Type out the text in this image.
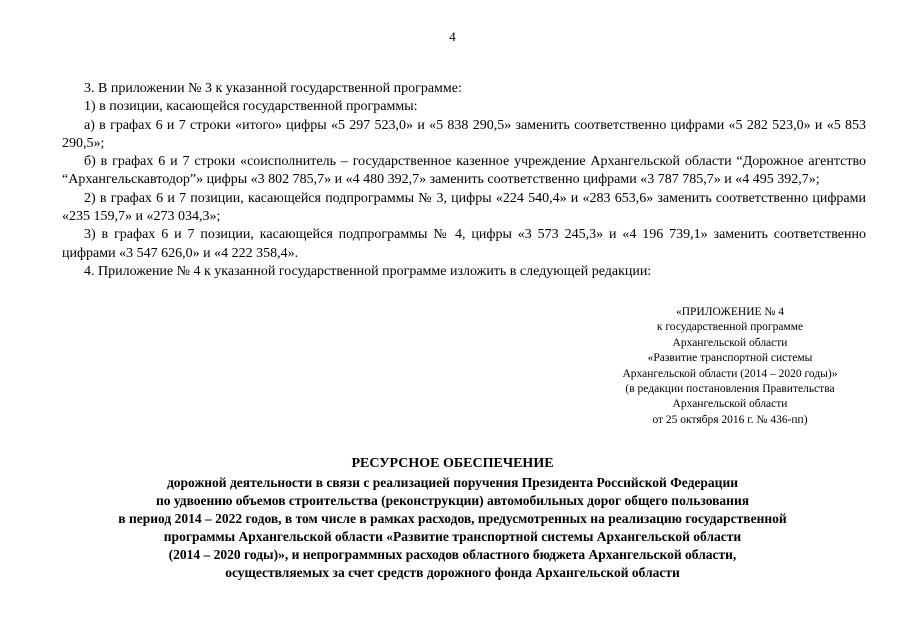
4

3. В приложении № 3 к указанной государственной программе:

1) в позиции, касающейся государственной программы:

а) в графах 6 и 7 строки «итого» цифры «5 297 523,0» и «5 838 290,5» заменить соответственно цифрами «5 282 523,0» и «5 853 290,5»;

б) в графах 6 и 7 строки «соисполнитель – государственное казенное учреждение Архангельской области “Дорожное агентство “Архангельскавтодор”» цифры «3 802 785,7» и «4 480 392,7» заменить соответственно цифрами «3 787 785,7» и «4 495 392,7»;

2) в графах 6 и 7 позиции, касающейся подпрограммы № 3, цифры «224 540,4» и «283 653,6» заменить соответственно цифрами «235 159,7» и «273 034,3»;

3) в графах 6 и 7 позиции, касающейся подпрограммы № 4, цифры «3 573 245,3» и «4 196 739,1» заменить соответственно цифрами «3 547 626,0» и «4 222 358,4».

4. Приложение № 4 к указанной государственной программе изложить в следующей редакции:

«ПРИЛОЖЕНИЕ № 4
к государственной программе
Архангельской области
«Развитие транспортной системы
Архангельской области (2014 – 2020 годы)»
(в редакции постановления Правительства
Архангельской области
от 25 октября 2016 г. № 436-пп)
РЕСУРСНОЕ ОБЕСПЕЧЕНИЕ
дорожной деятельности в связи с реализацией поручения Президента Российской Федерации
по удвоению объемов строительства (реконструкции) автомобильных дорог общего пользования
в период 2014 – 2022 годов, в том числе в рамках расходов, предусмотренных на реализацию государственной
программы Архангельской области «Развитие транспортной системы Архангельской области
(2014 – 2020 годы)», и непрограммных расходов областного бюджета Архангельской области,
осуществляемых за счет средств дорожного фонда Архангельской области
